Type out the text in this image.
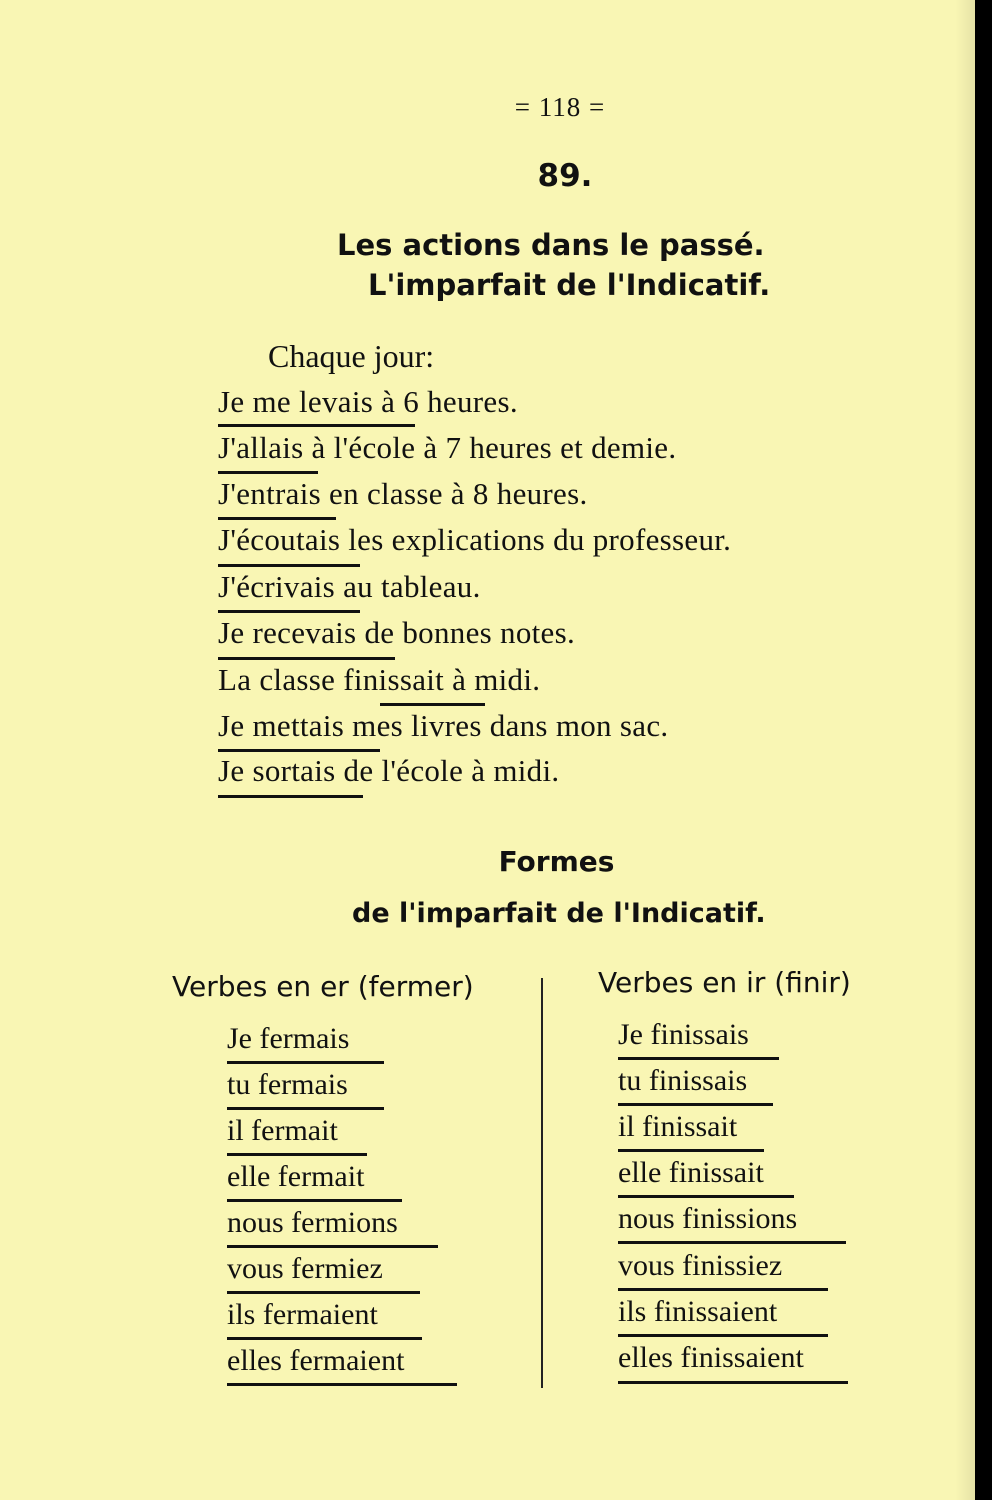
= 118 =
89.
Les actions dans le passé.
L'imparfait de l'Indicatif.
Chaque jour:
Je me levais à 6 heures.
J'allais à l'école à 7 heures et demie.
J'entrais en classe à 8 heures.
J'écoutais les explications du professeur.
J'écrivais au tableau.
Je recevais de bonnes notes.
La classe finissait à midi.
Je mettais mes livres dans mon sac.
Je sortais de l'école à midi.
Formes
de l'imparfait de l'Indicatif.
Verbes en er (fermer)	Verbes en ir (finir)
Je fermais
tu fermais
il fermait
elle fermait
nous fermions
vous fermiez
ils fermaient
elles fermaient
Je finissais
tu finissais
il finissait
elle finissait
nous finissions
vous finissiez
ils finissaient
elles finissaient
